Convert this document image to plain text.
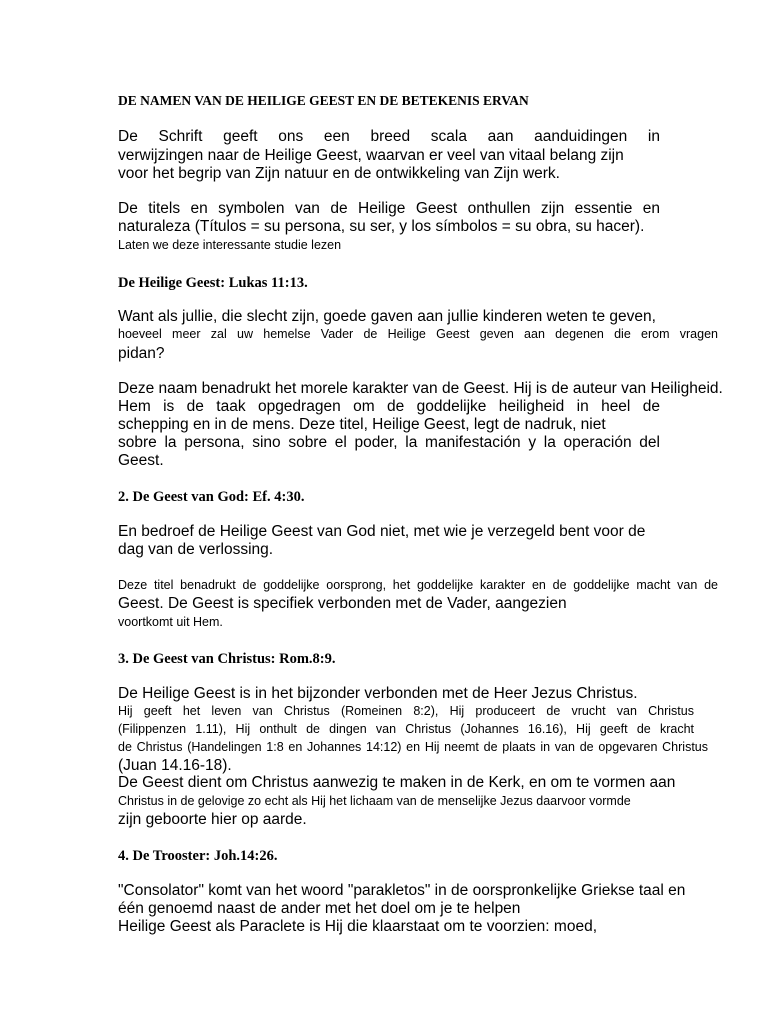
DE NAMEN VAN DE HEILIGE GEEST EN DE BETEKENIS ERVAN
De Schrift geeft ons een breed scala aan aanduidingen in
verwijzingen naar de Heilige Geest, waarvan er veel van vitaal belang zijn
voor het begrip van Zijn natuur en de ontwikkeling van Zijn werk.
De titels en symbolen van de Heilige Geest onthullen zijn essentie en
naturaleza (Títulos = su persona, su ser, y los símbolos = su obra, su hacer).
Laten we deze interessante studie lezen
De Heilige Geest: Lukas 11:13.
Want als jullie, die slecht zijn, goede gaven aan jullie kinderen weten te geven,
hoeveel meer zal uw hemelse Vader de Heilige Geest geven aan degenen die erom vragen
pidan?
Deze naam benadrukt het morele karakter van de Geest. Hij is de auteur van Heiligheid.
Hem is de taak opgedragen om de goddelijke heiligheid in heel de
schepping en in de mens. Deze titel, Heilige Geest, legt de nadruk, niet
sobre la persona, sino sobre el poder, la manifestación y la operación del
Geest.
2. De Geest van God: Ef. 4:30.
En bedroef de Heilige Geest van God niet, met wie je verzegeld bent voor de
dag van de verlossing.
Deze titel benadrukt de goddelijke oorsprong, het goddelijke karakter en de goddelijke macht van de
Geest. De Geest is specifiek verbonden met de Vader, aangezien
voortkomt uit Hem.
3. De Geest van Christus: Rom.8:9.
De Heilige Geest is in het bijzonder verbonden met de Heer Jezus Christus.
Hij geeft het leven van Christus (Romeinen 8:2), Hij produceert de vrucht van Christus
(Filippenzen 1.11), Hij onthult de dingen van Christus (Johannes 16.16), Hij geeft de kracht
de Christus (Handelingen 1:8 en Johannes 14:12) en Hij neemt de plaats in van de opgevaren Christus
(Juan 14.16-18).
De Geest dient om Christus aanwezig te maken in de Kerk, en om te vormen aan
Christus in de gelovige zo echt als Hij het lichaam van de menselijke Jezus daarvoor vormde
zijn geboorte hier op aarde.
4. De Trooster: Joh.14:26.
"Consolator" komt van het woord "parakletos" in de oorspronkelijke Griekse taal en
één genoemd naast de ander met het doel om je te helpen
Heilige Geest als Paraclete is Hij die klaarstaat om te voorzien: moed,
